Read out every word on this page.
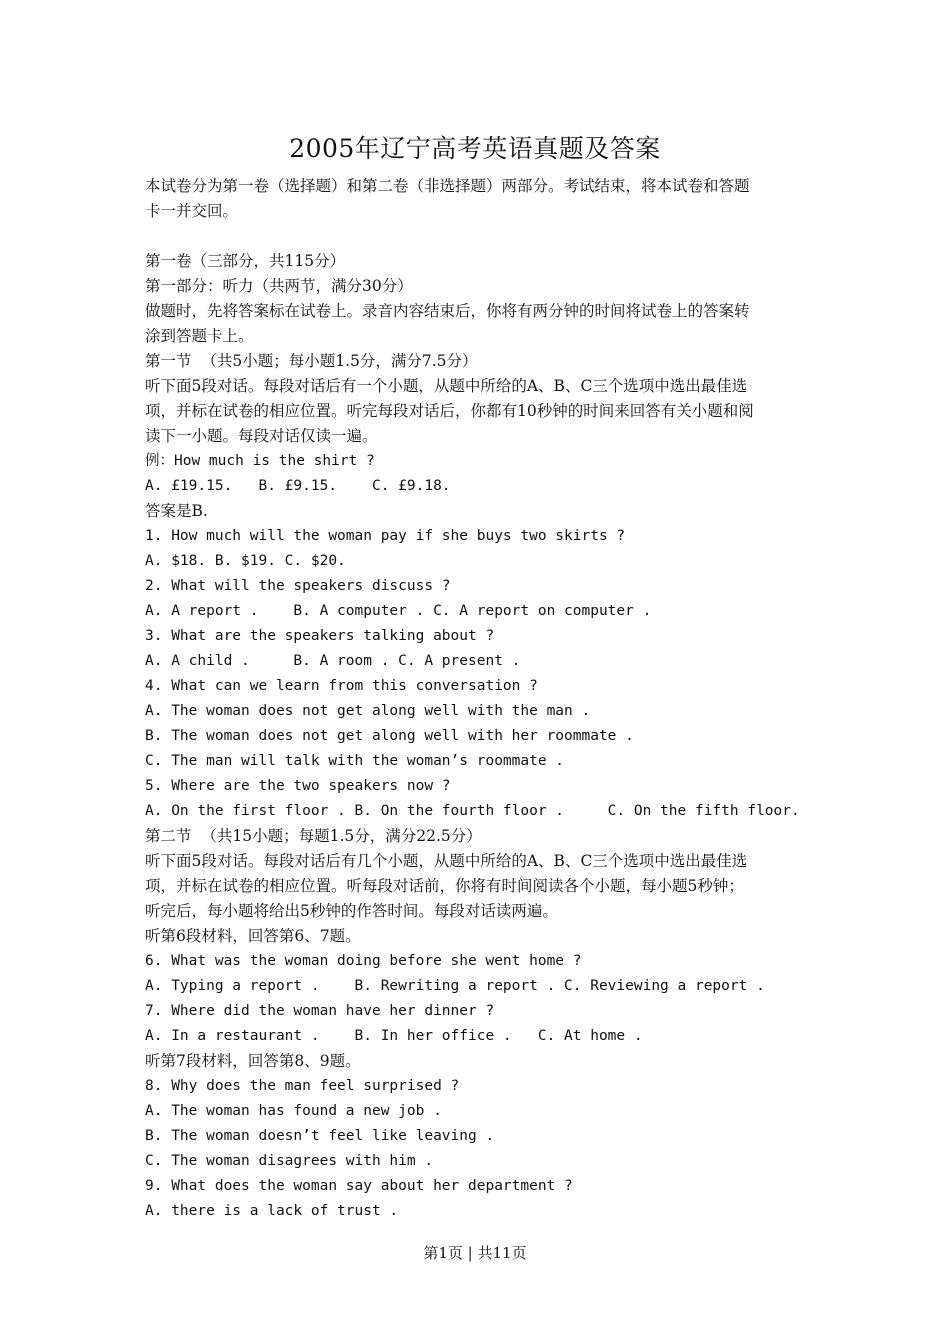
2005年辽宁高考英语真题及答案
本试卷分为第一卷（选择题）和第二卷（非选择题）两部分。考试结束，将本试卷和答题
卡一并交回。
第一卷（三部分，共115分）
第一部分：听力（共两节，满分30分）
做题时，先将答案标在试卷上。录音内容结束后，你将有两分钟的时间将试卷上的答案转
涂到答题卡上。
第一节  （共5小题；每小题1.5分，满分7.5分）
听下面5段对话。每段对话后有一个小题，从题中所给的A、B、C三个选项中选出最佳选
项，并标在试卷的相应位置。听完每段对话后，你都有10秒钟的时间来回答有关小题和阅
读下一小题。每段对话仅读一遍。
例：How much is the shirt ?
A. £19.15.   B. £9.15.    C. £9.18.
答案是B.
1. How much will the woman pay if she buys two skirts ?
A. $18. B. $19. C. $20.
2. What will the speakers discuss ?
A. A report .    B. A computer . C. A report on computer .
3. What are the speakers talking about ?
A. A child .     B. A room . C. A present .
4. What can we learn from this conversation ?
A. The woman does not get along well with the man .
B. The woman does not get along well with her roommate .
C. The man will talk with the woman’s roommate .
5. Where are the two speakers now ?
A. On the first floor . B. On the fourth floor .     C. On the fifth floor.
第二节  （共15小题；每题1.5分，满分22.5分）
听下面5段对话。每段对话后有几个小题，从题中所给的A、B、C三个选项中选出最佳选
项，并标在试卷的相应位置。听每段对话前，你将有时间阅读各个小题，每小题5秒钟；
听完后，每小题将给出5秒钟的作答时间。每段对话读两遍。
听第6段材料，回答第6、7题。
6. What was the woman doing before she went home ?
A. Typing a report .    B. Rewriting a report . C. Reviewing a report .
7. Where did the woman have her dinner ?
A. In a restaurant .    B. In her office .   C. At home .
听第7段材料，回答第8、9题。
8. Why does the man feel surprised ?
A. The woman has found a new job .
B. The woman doesn’t feel like leaving .
C. The woman disagrees with him .
9. What does the woman say about her department ?
A. there is a lack of trust .
第1页 | 共11页
